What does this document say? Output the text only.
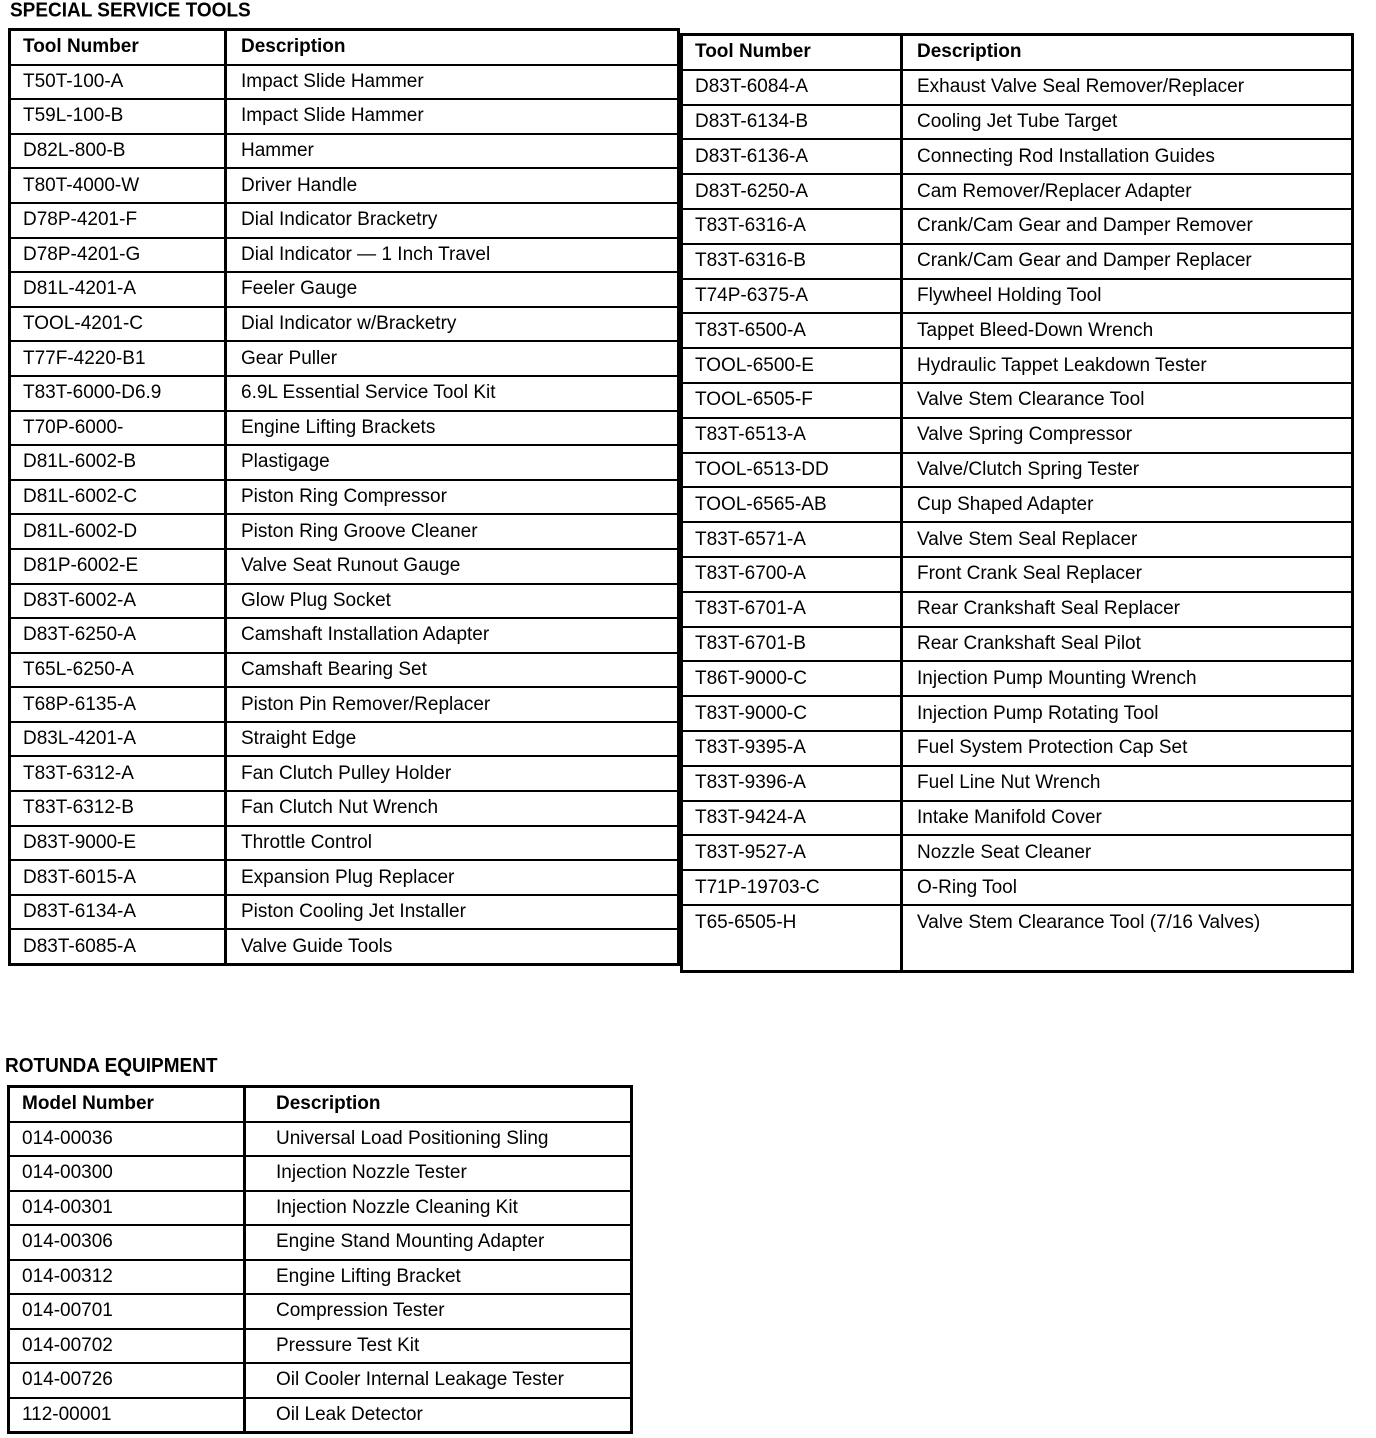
SPECIAL SERVICE TOOLS
Tool Number	Description
T50T-100-A	Impact Slide Hammer
T59L-100-B	Impact Slide Hammer
D82L-800-B	Hammer
T80T-4000-W	Driver Handle
D78P-4201-F	Dial Indicator Bracketry
D78P-4201-G	Dial Indicator — 1 Inch Travel
D81L-4201-A	Feeler Gauge
TOOL-4201-C	Dial Indicator w/Bracketry
T77F-4220-B1	Gear Puller
T83T-6000-D6.9	6.9L Essential Service Tool Kit
T70P-6000-	Engine Lifting Brackets
D81L-6002-B	Plastigage
D81L-6002-C	Piston Ring Compressor
D81L-6002-D	Piston Ring Groove Cleaner
D81P-6002-E	Valve Seat Runout Gauge
D83T-6002-A	Glow Plug Socket
D83T-6250-A	Camshaft Installation Adapter
T65L-6250-A	Camshaft Bearing Set
T68P-6135-A	Piston Pin Remover/Replacer
D83L-4201-A	Straight Edge
T83T-6312-A	Fan Clutch Pulley Holder
T83T-6312-B	Fan Clutch Nut Wrench
D83T-9000-E	Throttle Control
D83T-6015-A	Expansion Plug Replacer
D83T-6134-A	Piston Cooling Jet Installer
D83T-6085-A	Valve Guide Tools
Tool Number	Description
D83T-6084-A	Exhaust Valve Seal Remover/Replacer
D83T-6134-B	Cooling Jet Tube Target
D83T-6136-A	Connecting Rod Installation Guides
D83T-6250-A	Cam Remover/Replacer Adapter
T83T-6316-A	Crank/Cam Gear and Damper Remover
T83T-6316-B	Crank/Cam Gear and Damper Replacer
T74P-6375-A	Flywheel Holding Tool
T83T-6500-A	Tappet Bleed-Down Wrench
TOOL-6500-E	Hydraulic Tappet Leakdown Tester
TOOL-6505-F	Valve Stem Clearance Tool
T83T-6513-A	Valve Spring Compressor
TOOL-6513-DD	Valve/Clutch Spring Tester
TOOL-6565-AB	Cup Shaped Adapter
T83T-6571-A	Valve Stem Seal Replacer
T83T-6700-A	Front Crank Seal Replacer
T83T-6701-A	Rear Crankshaft Seal Replacer
T83T-6701-B	Rear Crankshaft Seal Pilot
T86T-9000-C	Injection Pump Mounting Wrench
T83T-9000-C	Injection Pump Rotating Tool
T83T-9395-A	Fuel System Protection Cap Set
T83T-9396-A	Fuel Line Nut Wrench
T83T-9424-A	Intake Manifold Cover
T83T-9527-A	Nozzle Seat Cleaner
T71P-19703-C	O-Ring Tool
T65-6505-H	Valve Stem Clearance Tool (7/16 Valves)
ROTUNDA EQUIPMENT
Model Number	Description
014-00036	Universal Load Positioning Sling
014-00300	Injection Nozzle Tester
014-00301	Injection Nozzle Cleaning Kit
014-00306	Engine Stand Mounting Adapter
014-00312	Engine Lifting Bracket
014-00701	Compression Tester
014-00702	Pressure Test Kit
014-00726	Oil Cooler Internal Leakage Tester
112-00001	Oil Leak Detector
